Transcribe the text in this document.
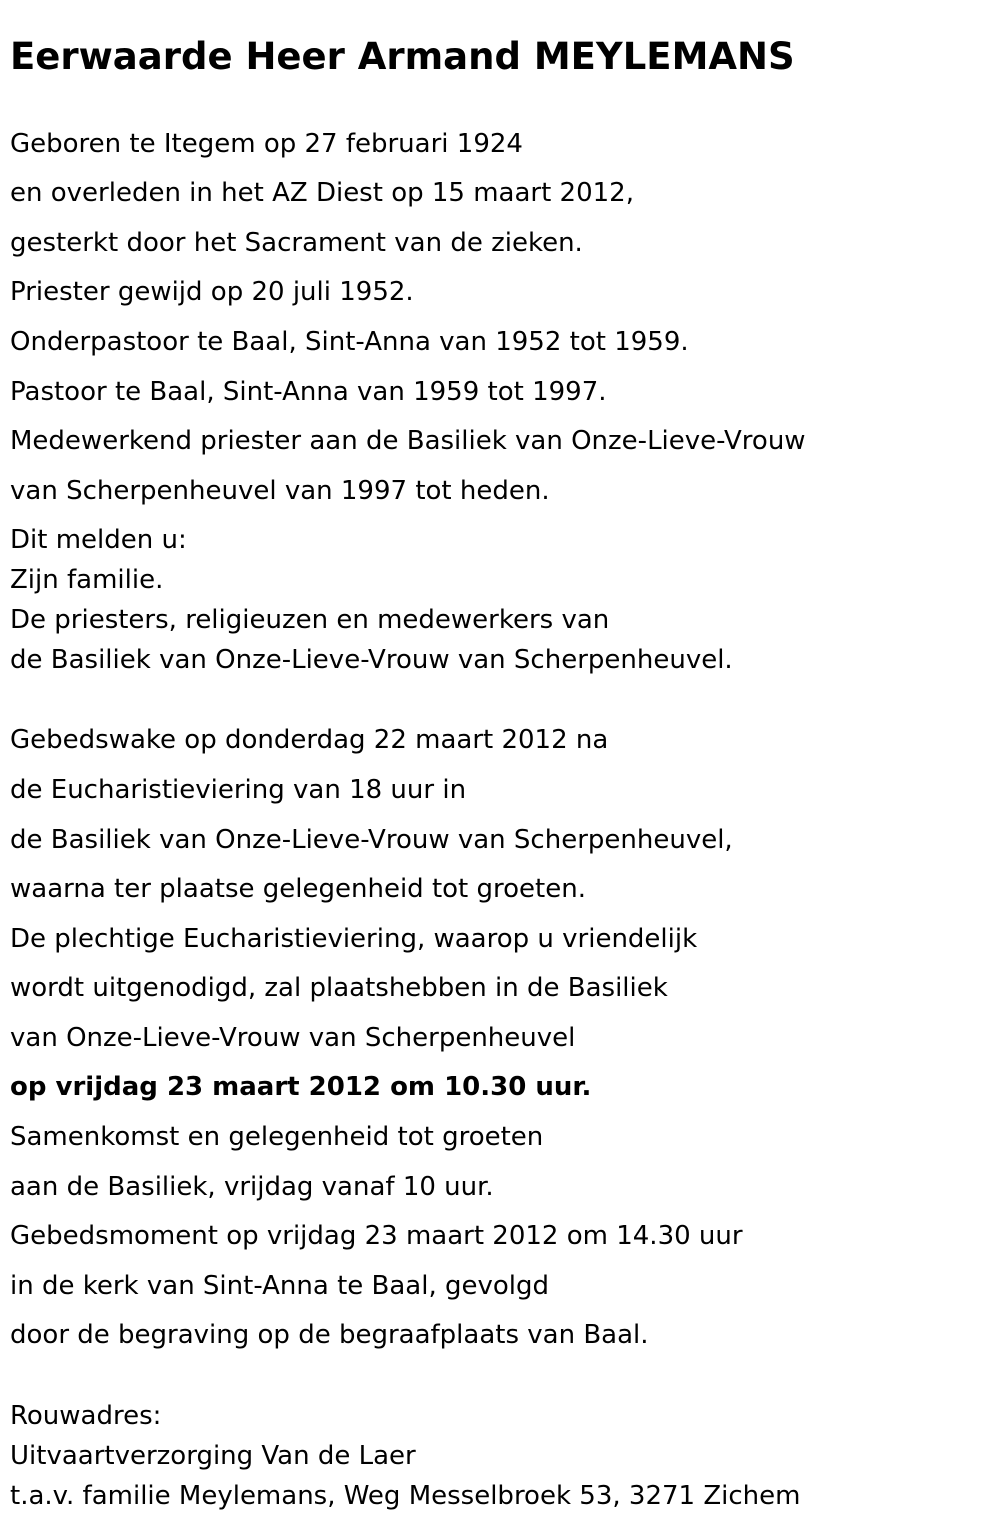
Eerwaarde Heer Armand MEYLEMANS

Geboren te Itegem op 27 februari 1924

en overleden in het AZ Diest op 15 maart 2012,

gesterkt door het Sacrament van de zieken.

Priester gewijd op 20 juli 1952.

Onderpastoor te Baal, Sint-Anna van 1952 tot 1959.

Pastoor te Baal, Sint-Anna van 1959 tot 1997.

Medewerkend priester aan de Basiliek van Onze-Lieve-Vrouw

van Scherpenheuvel van 1997 tot heden.

Dit melden u:

Zijn familie.

De priesters, religieuzen en medewerkers van

de Basiliek van Onze-Lieve-Vrouw van Scherpenheuvel.

Gebedswake op donderdag 22 maart 2012 na

de Eucharistieviering van 18 uur in

de Basiliek van Onze-Lieve-Vrouw van Scherpenheuvel,

waarna ter plaatse gelegenheid tot groeten.

De plechtige Eucharistieviering, waarop u vriendelijk

wordt uitgenodigd, zal plaatshebben in de Basiliek

van Onze-Lieve-Vrouw van Scherpenheuvel

op vrijdag 23 maart 2012 om 10.30 uur.

Samenkomst en gelegenheid tot groeten

aan de Basiliek, vrijdag vanaf 10 uur.

Gebedsmoment op vrijdag 23 maart 2012 om 14.30 uur

in de kerk van Sint-Anna te Baal, gevolgd

door de begraving op de begraafplaats van Baal.

Rouwadres:

Uitvaartverzorging Van de Laer

t.a.v. familie Meylemans, Weg Messelbroek 53, 3271 Zichem
